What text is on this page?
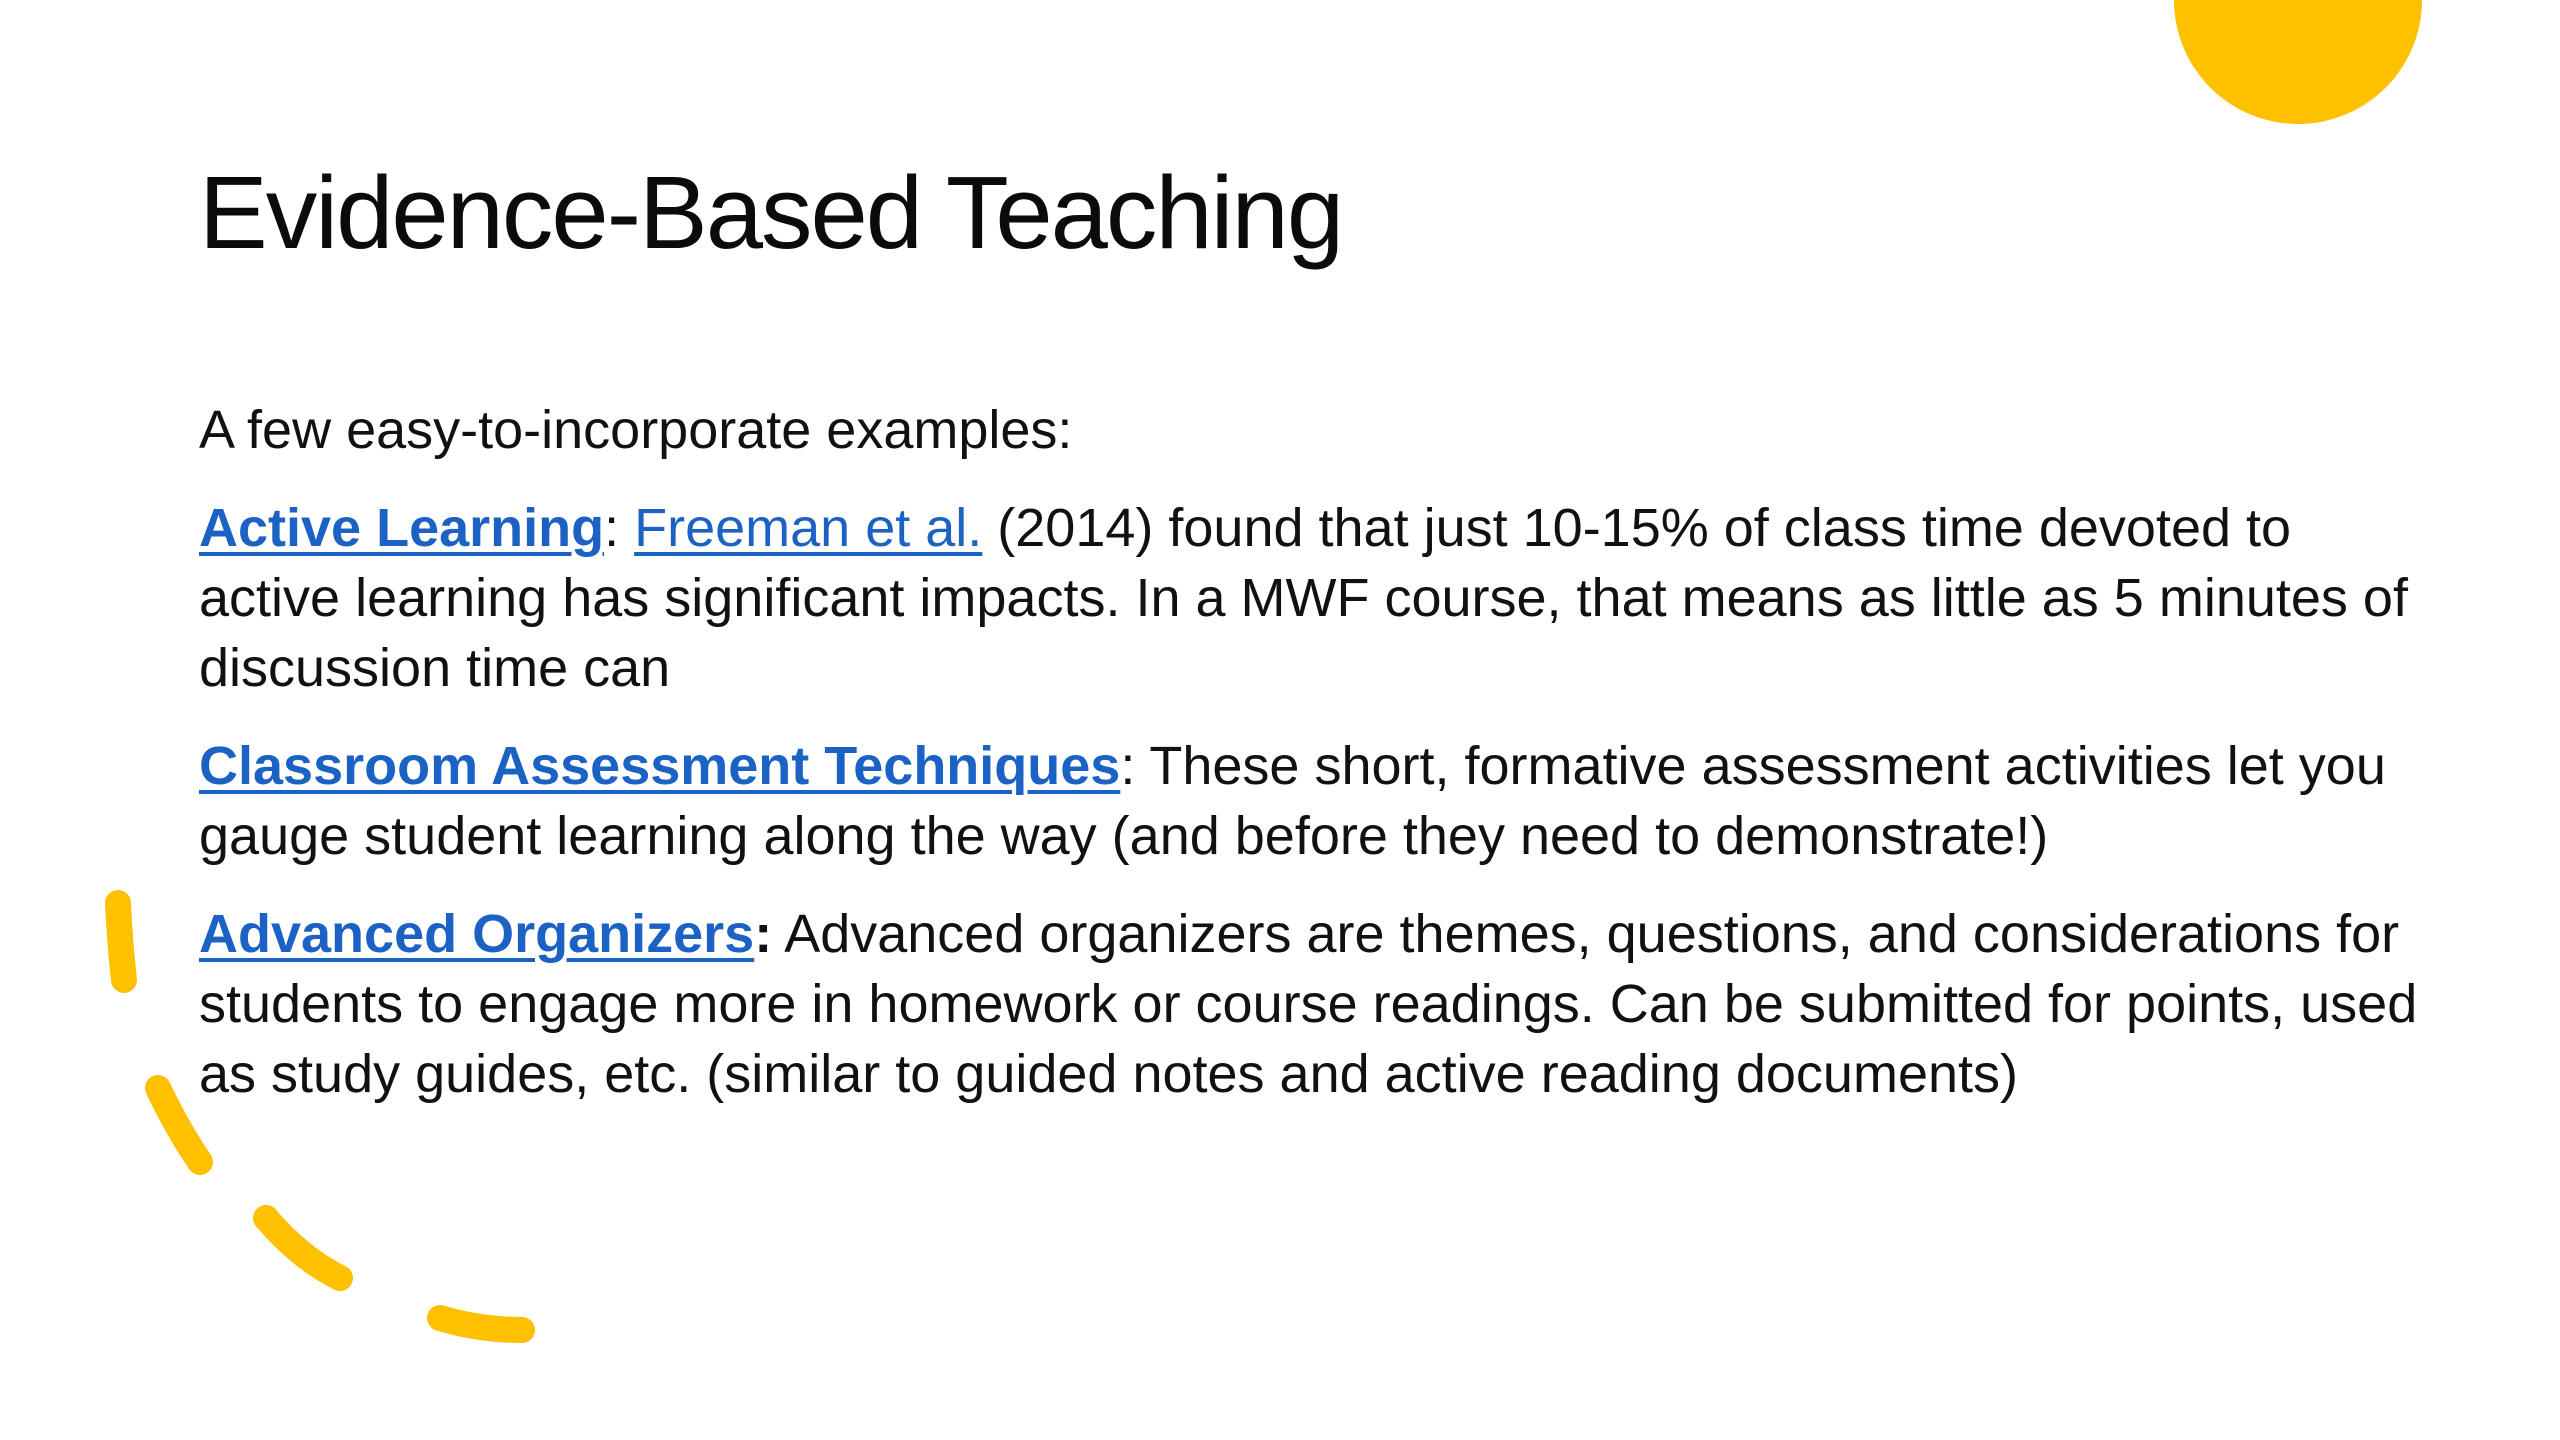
Evidence-Based Teaching

A few easy-to-incorporate examples:

Active Learning: Freeman et al. (2014) found that just 10-15% of class time devoted to active learning has significant impacts. In a MWF course, that means as little as 5 minutes of discussion time can

Classroom Assessment Techniques: These short, formative assessment activities let you gauge student learning along the way (and before they need to demonstrate!)

Advanced Organizers: Advanced organizers are themes, questions, and considerations for students to engage more in homework or course readings. Can be submitted for points, used as study guides, etc. (similar to guided notes and active reading documents)
